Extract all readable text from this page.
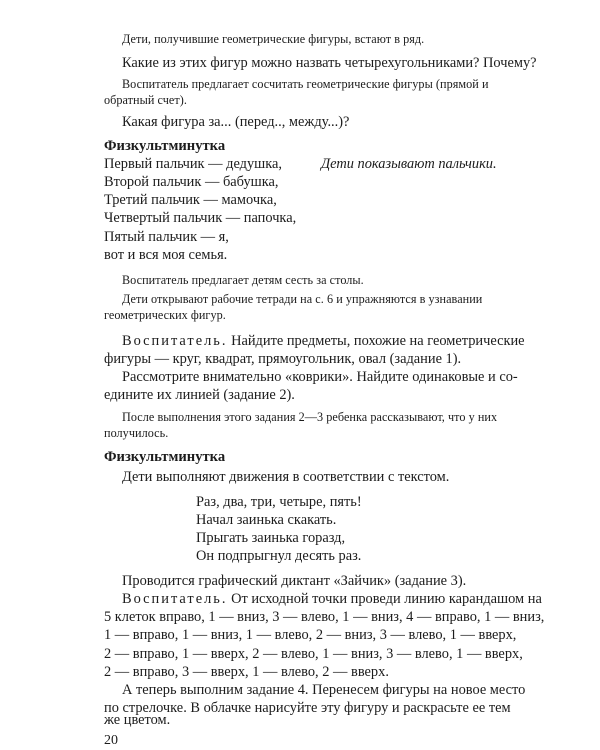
Дети, получившие геометрические фигуры, встают в ряд.
Какие из этих фигур можно назвать четырехугольниками? Почему?
Воспитатель предлагает сосчитать геометрические фигуры (прямой и
обратный счет).
Какая фигура за... (перед.., между...)?
Физкультминутка
Первый пальчик — дедушка,	Дети показывают пальчики.
Второй пальчик — бабушка,
Третий пальчик — мамочка,
Четвертый пальчик — папочка,
Пятый пальчик — я,
вот и вся моя семья.
Воспитатель предлагает детям сесть за столы.
Дети открывают рабочие тетради на с. 6 и упражняются в узнавании
геометрических фигур.
Воспитатель. Найдите предметы, похожие на геометрические
фигуры — круг, квадрат, прямоугольник, овал (задание 1).
Рассмотрите внимательно «коврики». Найдите одинаковые и со-
едините их линией (задание 2).
После выполнения этого задания 2—3 ребенка рассказывают, что у них
получилось.
Физкультминутка
Дети выполняют движения в соответствии с текстом.
Раз, два, три, четыре, пять!
Начал заинька скакать.
Прыгать заинька горазд,
Он подпрыгнул десять раз.
Проводится графический диктант «Зайчик» (задание 3).
Воспитатель. От исходной точки проведи линию карандашом на
5 клеток вправо, 1 — вниз, 3 — влево, 1 — вниз, 4 — вправо, 1 — вниз,
1 — вправо, 1 — вниз, 1 — влево, 2 — вниз, 3 — влево, 1 — вверх,
2 — вправо, 1 — вверх, 2 — влево, 1 — вниз, 3 — влево, 1 — вверх,
2 — вправо, 3 — вверх, 1 — влево, 2 — вверх.
А теперь выполним задание 4. Перенесем фигуры на новое место
по стрелочке. В облачке нарисуйте эту фигуру и раскрасьте ее тем
же цветом.
20
